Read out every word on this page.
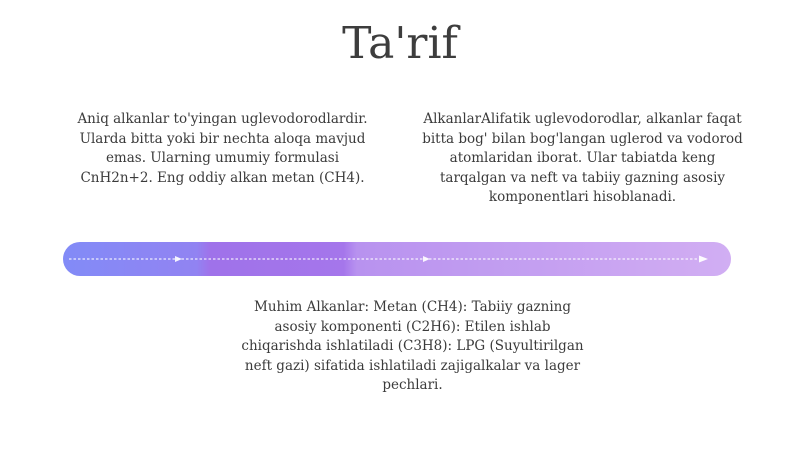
Ta'rif
Aniq alkanlar to'yingan uglevodorodlardir. Ularda bitta yoki bir nechta aloqa mavjud emas. Ularning umumiy formulasi CnH2n+2. Eng oddiy alkan metan (CH4).
AlkanlarAlifatik uglevodorodlar, alkanlar faqat bitta bog' bilan bog'langan uglerod va vodorod atomlaridan iborat. Ular tabiatda keng tarqalgan va neft va tabiiy gazning asosiy komponentlari hisoblanadi.
Muhim Alkanlar: Metan (CH4): Tabiiy gazning asosiy komponenti (C2H6): Etilen ishlab chiqarishda ishlatiladi (C3H8): LPG (Suyultirilgan neft gazi) sifatida ishlatiladi zajigalkalar va lager pechlari.
